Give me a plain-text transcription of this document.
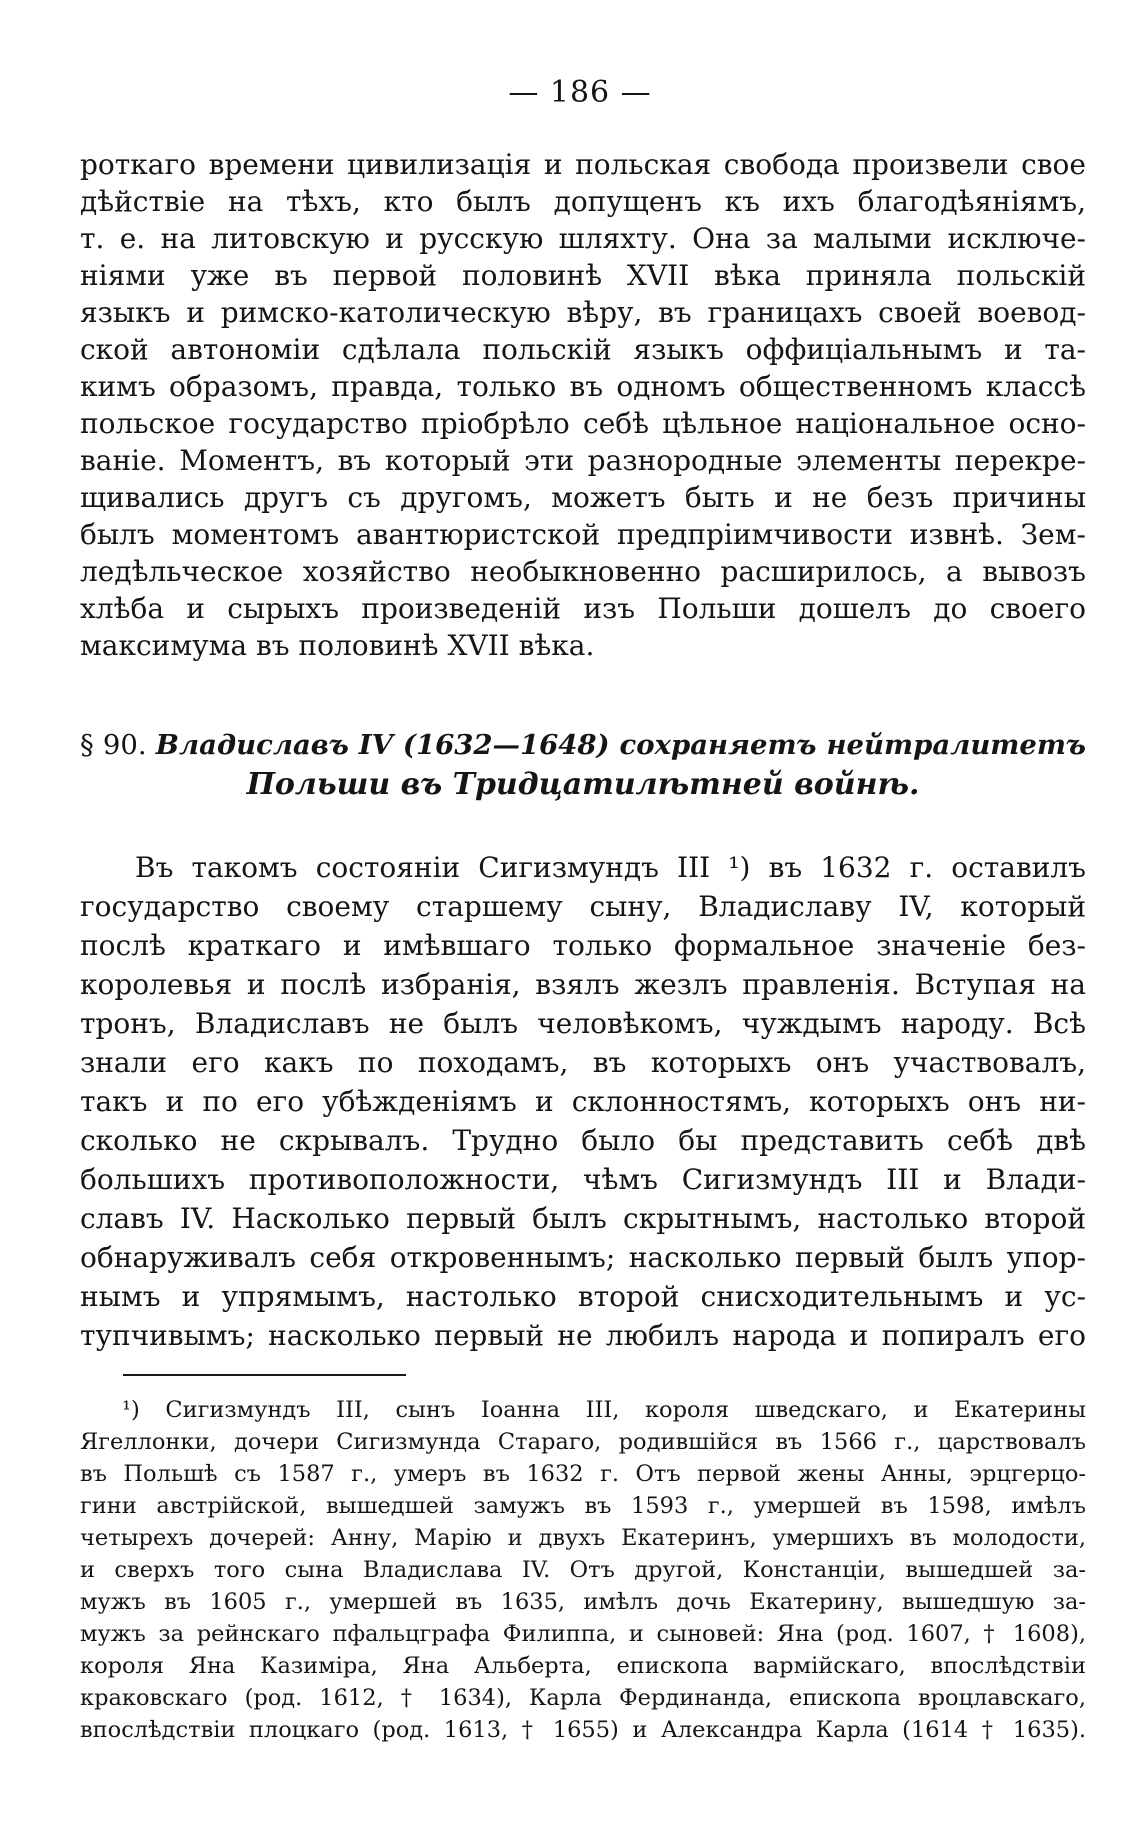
— 186 —
роткаго времени цивилизація и польская свобода произвели свое
дѣйствіе на тѣхъ, кто былъ допущенъ къ ихъ благодѣяніямъ,
т. е. на литовскую и русскую шляхту. Она за малыми исключе-
ніями уже въ первой половинѣ XVII вѣка приняла польскій
языкъ и римско-католическую вѣру, въ границахъ своей воевод-
ской автономіи сдѣлала польскій языкъ оффиціальнымъ и та-
кимъ образомъ, правда, только въ одномъ общественномъ классѣ
польское государство пріобрѣло себѣ цѣльное національное осно-
ваніе. Моментъ, въ который эти разнородные элементы перекре-
щивались другъ съ другомъ, можетъ быть и не безъ причины
былъ моментомъ авантюристской предпріимчивости извнѣ. Зем-
ледѣльческое хозяйство необыкновенно расширилось, а вывозъ
хлѣба и сырыхъ произведеній изъ Польши дошелъ до своего
максимума въ половинѣ XVII вѣка.
§ 90. Владиславъ IV (1632—1648) сохраняетъ нейтралитетъ
Польши въ Тридцатилѣтней войнѣ.
Въ такомъ состояніи Сигизмундъ III ¹) въ 1632 г. оставилъ
государство своему старшему сыну, Владиславу IV, который
послѣ краткаго и имѣвшаго только формальное значеніе без-
королевья и послѣ избранія, взялъ жезлъ правленія. Вступая на
тронъ, Владиславъ не былъ человѣкомъ, чуждымъ народу. Всѣ
знали его какъ по походамъ, въ которыхъ онъ участвовалъ,
такъ и по его убѣжденіямъ и склонностямъ, которыхъ онъ ни-
сколько не скрывалъ. Трудно было бы представить себѣ двѣ
большихъ противоположности, чѣмъ Сигизмундъ III и Влади-
славъ IV. Насколько первый былъ скрытнымъ, настолько второй
обнаруживалъ себя откровеннымъ; насколько первый былъ упор-
нымъ и упрямымъ, настолько второй снисходительнымъ и ус-
тупчивымъ; насколько первый не любилъ народа и попиралъ его
¹) Сигизмундъ III, сынъ Іоанна III, короля шведскаго, и Екатерины
Ягеллонки, дочери Сигизмунда Стараго, родившійся въ 1566 г., царствовалъ
въ Польшѣ съ 1587 г., умеръ въ 1632 г. Отъ первой жены Анны, эрцгерцо-
гини австрійской, вышедшей замужъ въ 1593 г., умершей въ 1598, имѣлъ
четырехъ дочерей: Анну, Марію и двухъ Екатеринъ, умершихъ въ молодости,
и сверхъ того сына Владислава IV. Отъ другой, Констанціи, вышедшей за-
мужъ въ 1605 г., умершей въ 1635, имѣлъ дочь Екатерину, вышедшую за-
мужъ за рейнскаго пфальцграфа Филиппа, и сыновей: Яна (род. 1607, † 1608),
короля Яна Казиміра, Яна Альберта, епископа вармійскаго, впослѣдствіи
краковскаго (род. 1612, † 1634), Карла Фердинанда, епископа вроцлавскаго,
впослѣдствіи плоцкаго (род. 1613, † 1655) и Александра Карла (1614 † 1635).
